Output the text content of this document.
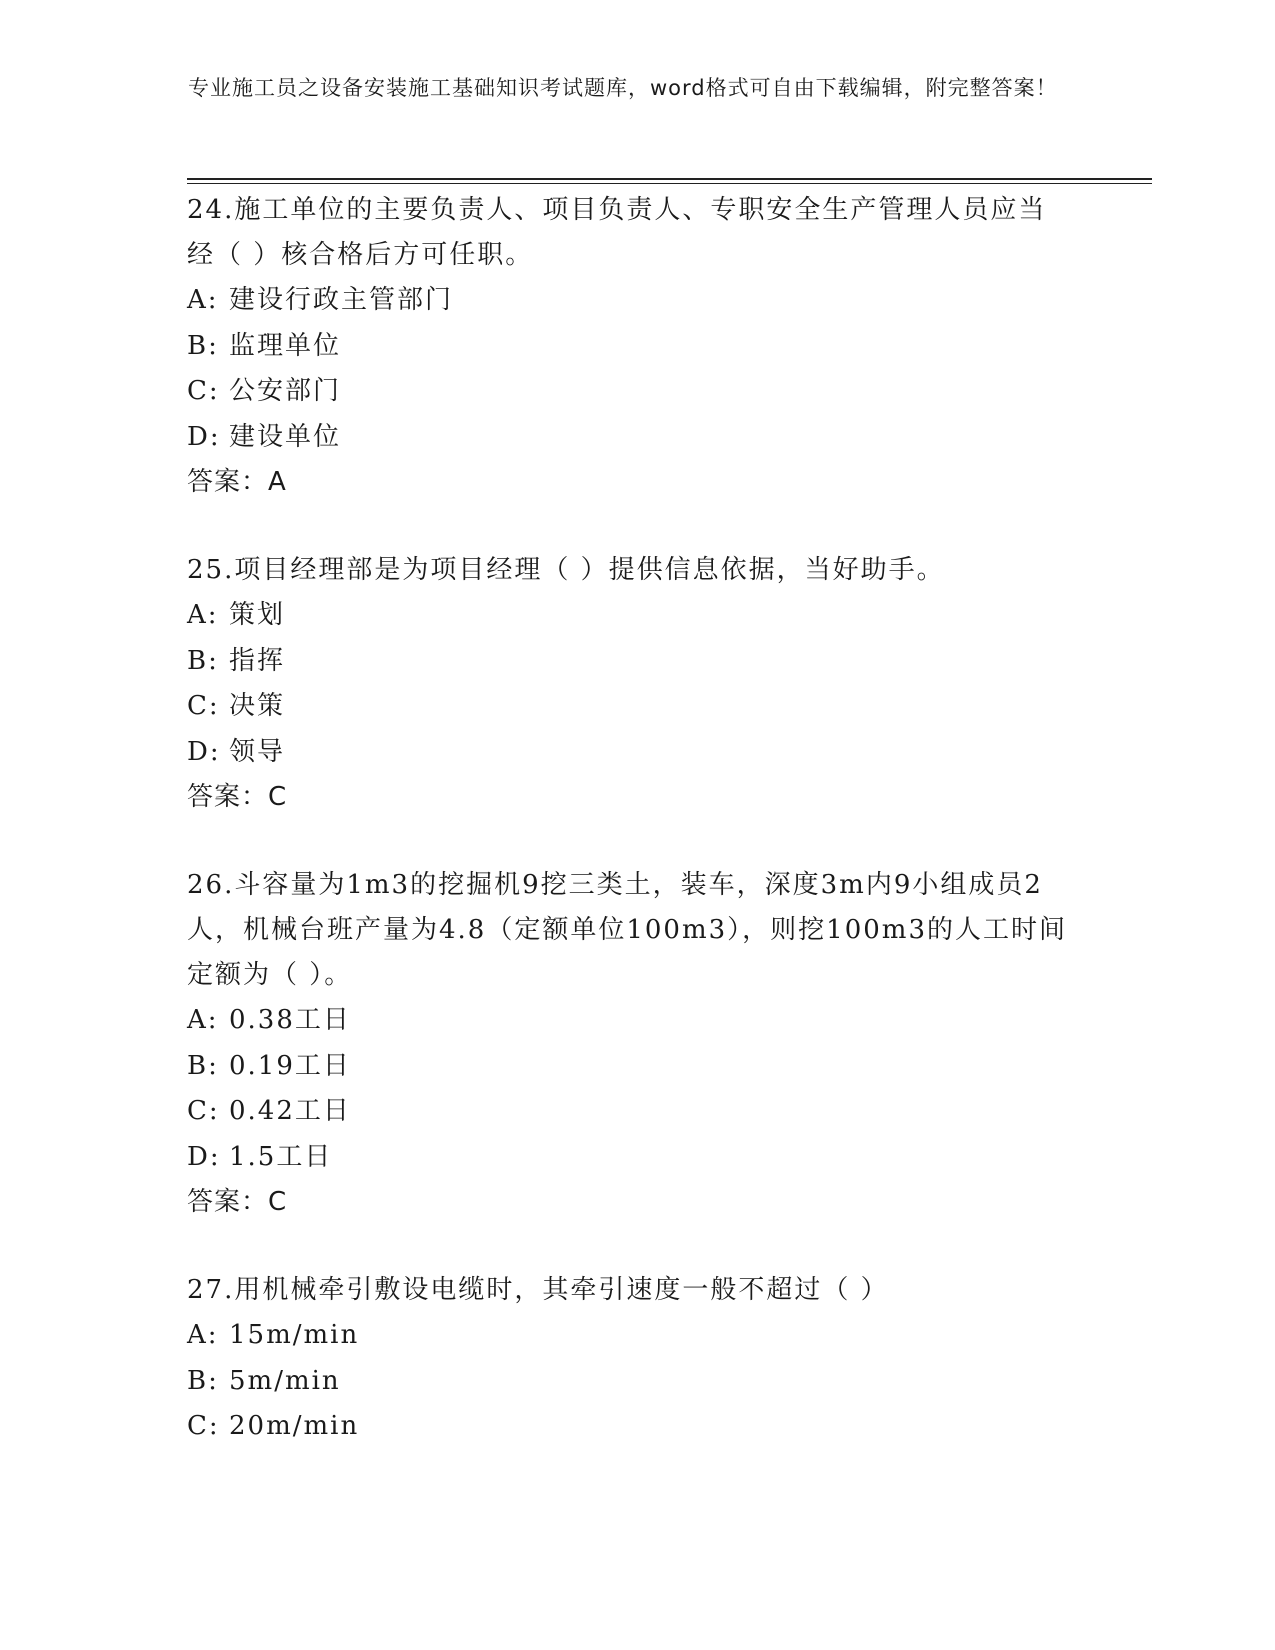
专业施工员之设备安装施工基础知识考试题库，word格式可自由下载编辑，附完整答案！

24.施工单位的主要负责人、项目负责人、专职安全生产管理人员应当经（ ）核合格后方可任职。

A: 建设行政主管部门

B: 监理单位

C: 公安部门

D: 建设单位

答案：A

25.项目经理部是为项目经理（ ）提供信息依据，当好助手。

A: 策划

B: 指挥

C: 决策

D: 领导

答案：C

26.斗容量为1m3的挖掘机9挖三类土，装车，深度3m内9小组成员2人，机械台班产量为4.8（定额单位100m3），则挖100m3的人工时间定额为（ ）。

A: 0.38工日

B: 0.19工日

C: 0.42工日

D: 1.5工日

答案：C

27.用机械牵引敷设电缆时，其牵引速度一般不超过（ ）

A: 15m/min

B: 5m/min

C: 20m/min
